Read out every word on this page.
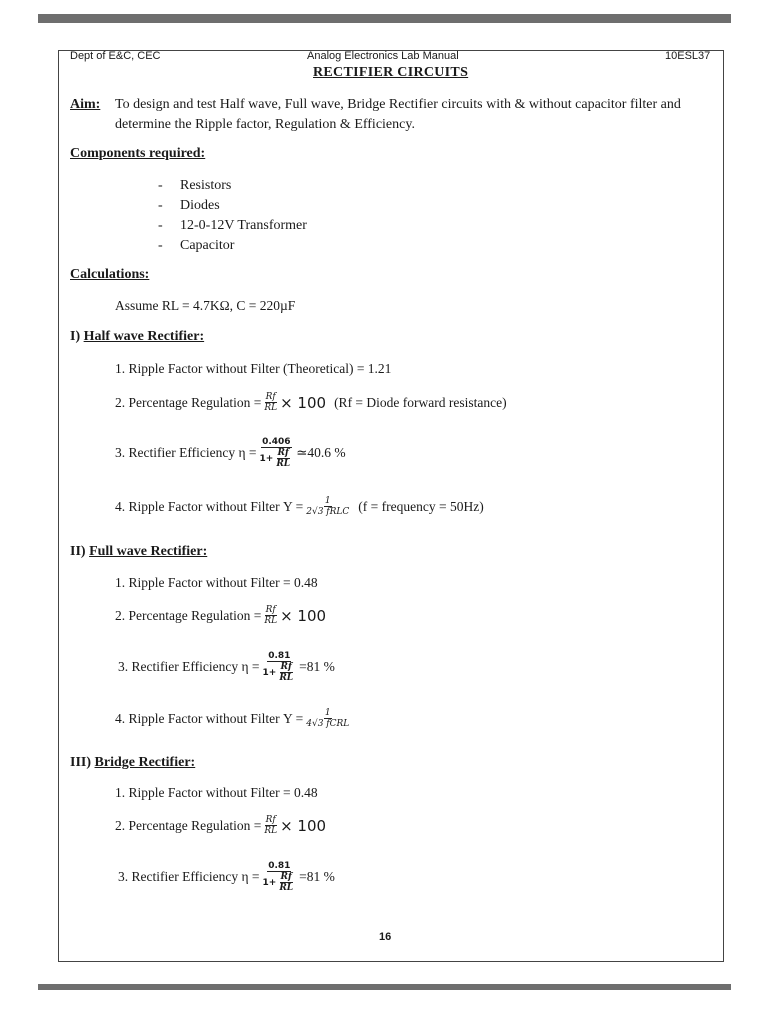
Dept of E&C, CEC	Analog Electronics Lab Manual	10ESL37
RECTIFIER CIRCUITS
Aim: To design and test Half wave, Full wave, Bridge Rectifier circuits with & without capacitor filter and determine the Ripple factor, Regulation & Efficiency.
Components required:
- Resistors
- Diodes
- 12-0-12V Transformer
- Capacitor
Calculations:
Assume RL = 4.7KΩ, C = 220µF
I) Half wave Rectifier:
1. Ripple Factor without Filter (Theoretical) = 1.21
2. Percentage Regulation = $\frac{Rf}{RL} \times 100$ (Rf = Diode forward resistance)
3. Rectifier Efficiency $\eta = \frac{0.406}{1+ \frac{Rf}{RL}}$ ≃40.6 %
4. Ripple Factor without Filter $\Upsilon = \frac{1}{\text{2√3 fRLC}} (f$ = frequency = 50Hz)
II) Full wave Rectifier:
1. Ripple Factor without Filter = 0.48
2. Percentage Regulation = $\frac{Rf}{RL} \times 100$
3. Rectifier Efficiency $\eta = \frac{0.81}{1+ \frac{Rf}{RL}} =81$ %
4. Ripple Factor without Filter $\Upsilon = \frac{1}{\text{4√3 fCRL}}$
III) Bridge Rectifier:
1. Ripple Factor without Filter = 0.48
2. Percentage Regulation = $\frac{Rf}{RL} \times 100$
3. Rectifier Efficiency $\eta = \frac{0.81}{1+ \frac{Rf}{RL}} =81$ %
16
